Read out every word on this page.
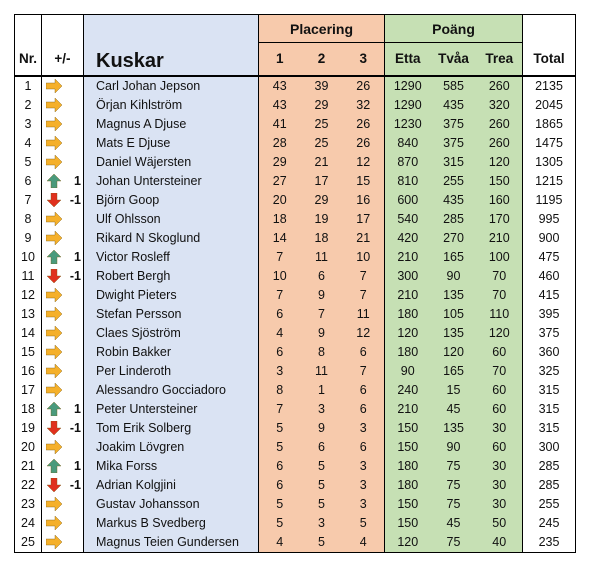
				Placering			Poäng			
Nr.	+/-		Kuskar	1	2	3	Etta	Tvåa	Trea	Total
1			Carl Johan Jepson	43	39	26	1290	585	260	2135
2			Örjan Kihlström	43	29	32	1290	435	320	2045
3			Magnus A Djuse	41	25	26	1230	375	260	1865
4			Mats E Djuse	28	25	26	840	375	260	1475
5			Daniel Wäjersten	29	21	12	870	315	120	1305
6		1	Johan Untersteiner	27	17	15	810	255	150	1215
7		-1	Björn Goop	20	29	16	600	435	160	1195
8			Ulf Ohlsson	18	19	17	540	285	170	995
9			Rikard N Skoglund	14	18	21	420	270	210	900
10		1	Victor Rosleff	7	11	10	210	165	100	475
11		-1	Robert Bergh	10	6	7	300	90	70	460
12			Dwight Pieters	7	9	7	210	135	70	415
13			Stefan Persson	6	7	11	180	105	110	395
14			Claes Sjöström	4	9	12	120	135	120	375
15			Robin Bakker	6	8	6	180	120	60	360
16			Per Linderoth	3	11	7	90	165	70	325
17			Alessandro Gocciadoro	8	1	6	240	15	60	315
18		1	Peter Untersteiner	7	3	6	210	45	60	315
19		-1	Tom Erik Solberg	5	9	3	150	135	30	315
20			Joakim Lövgren	5	6	6	150	90	60	300
21		1	Mika Forss	6	5	3	180	75	30	285
22		-1	Adrian Kolgjini	6	5	3	180	75	30	285
23			Gustav Johansson	5	5	3	150	75	30	255
24			Markus B Svedberg	5	3	5	150	45	50	245
25			Magnus Teien Gundersen	4	5	4	120	75	40	235
